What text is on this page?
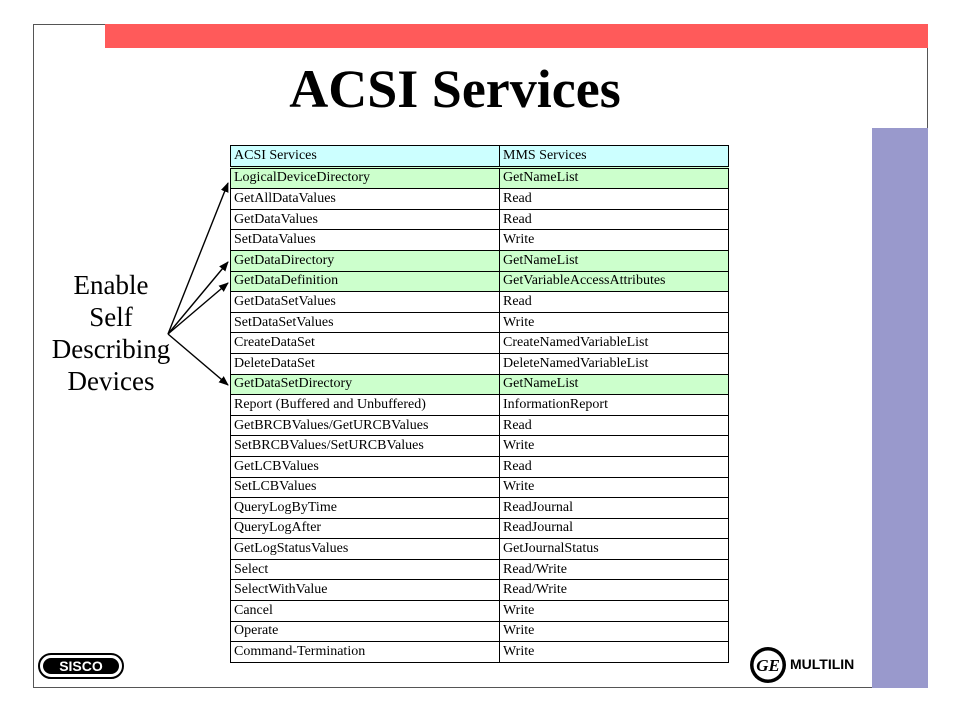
ACSI Services
Enable
Self
Describing
Devices
ACSI Services	MMS Services
LogicalDeviceDirectory	GetNameList
GetAllDataValues	Read
GetDataValues	Read
SetDataValues	Write
GetDataDirectory	GetNameList
GetDataDefinition	GetVariableAccessAttributes
GetDataSetValues	Read
SetDataSetValues	Write
CreateDataSet	CreateNamedVariableList
DeleteDataSet	DeleteNamedVariableList
GetDataSetDirectory	GetNameList
Report (Buffered and Unbuffered)	InformationReport
GetBRCBValues/GetURCBValues	Read
SetBRCBValues/SetURCBValues	Write
GetLCBValues	Read
SetLCBValues	Write
QueryLogByTime	ReadJournal
QueryLogAfter	ReadJournal
GetLogStatusValues	GetJournalStatus
Select	Read/Write
SelectWithValue	Read/Write
Cancel	Write
Operate	Write
Command-Termination	Write
SISCO	GE MULTILIN
